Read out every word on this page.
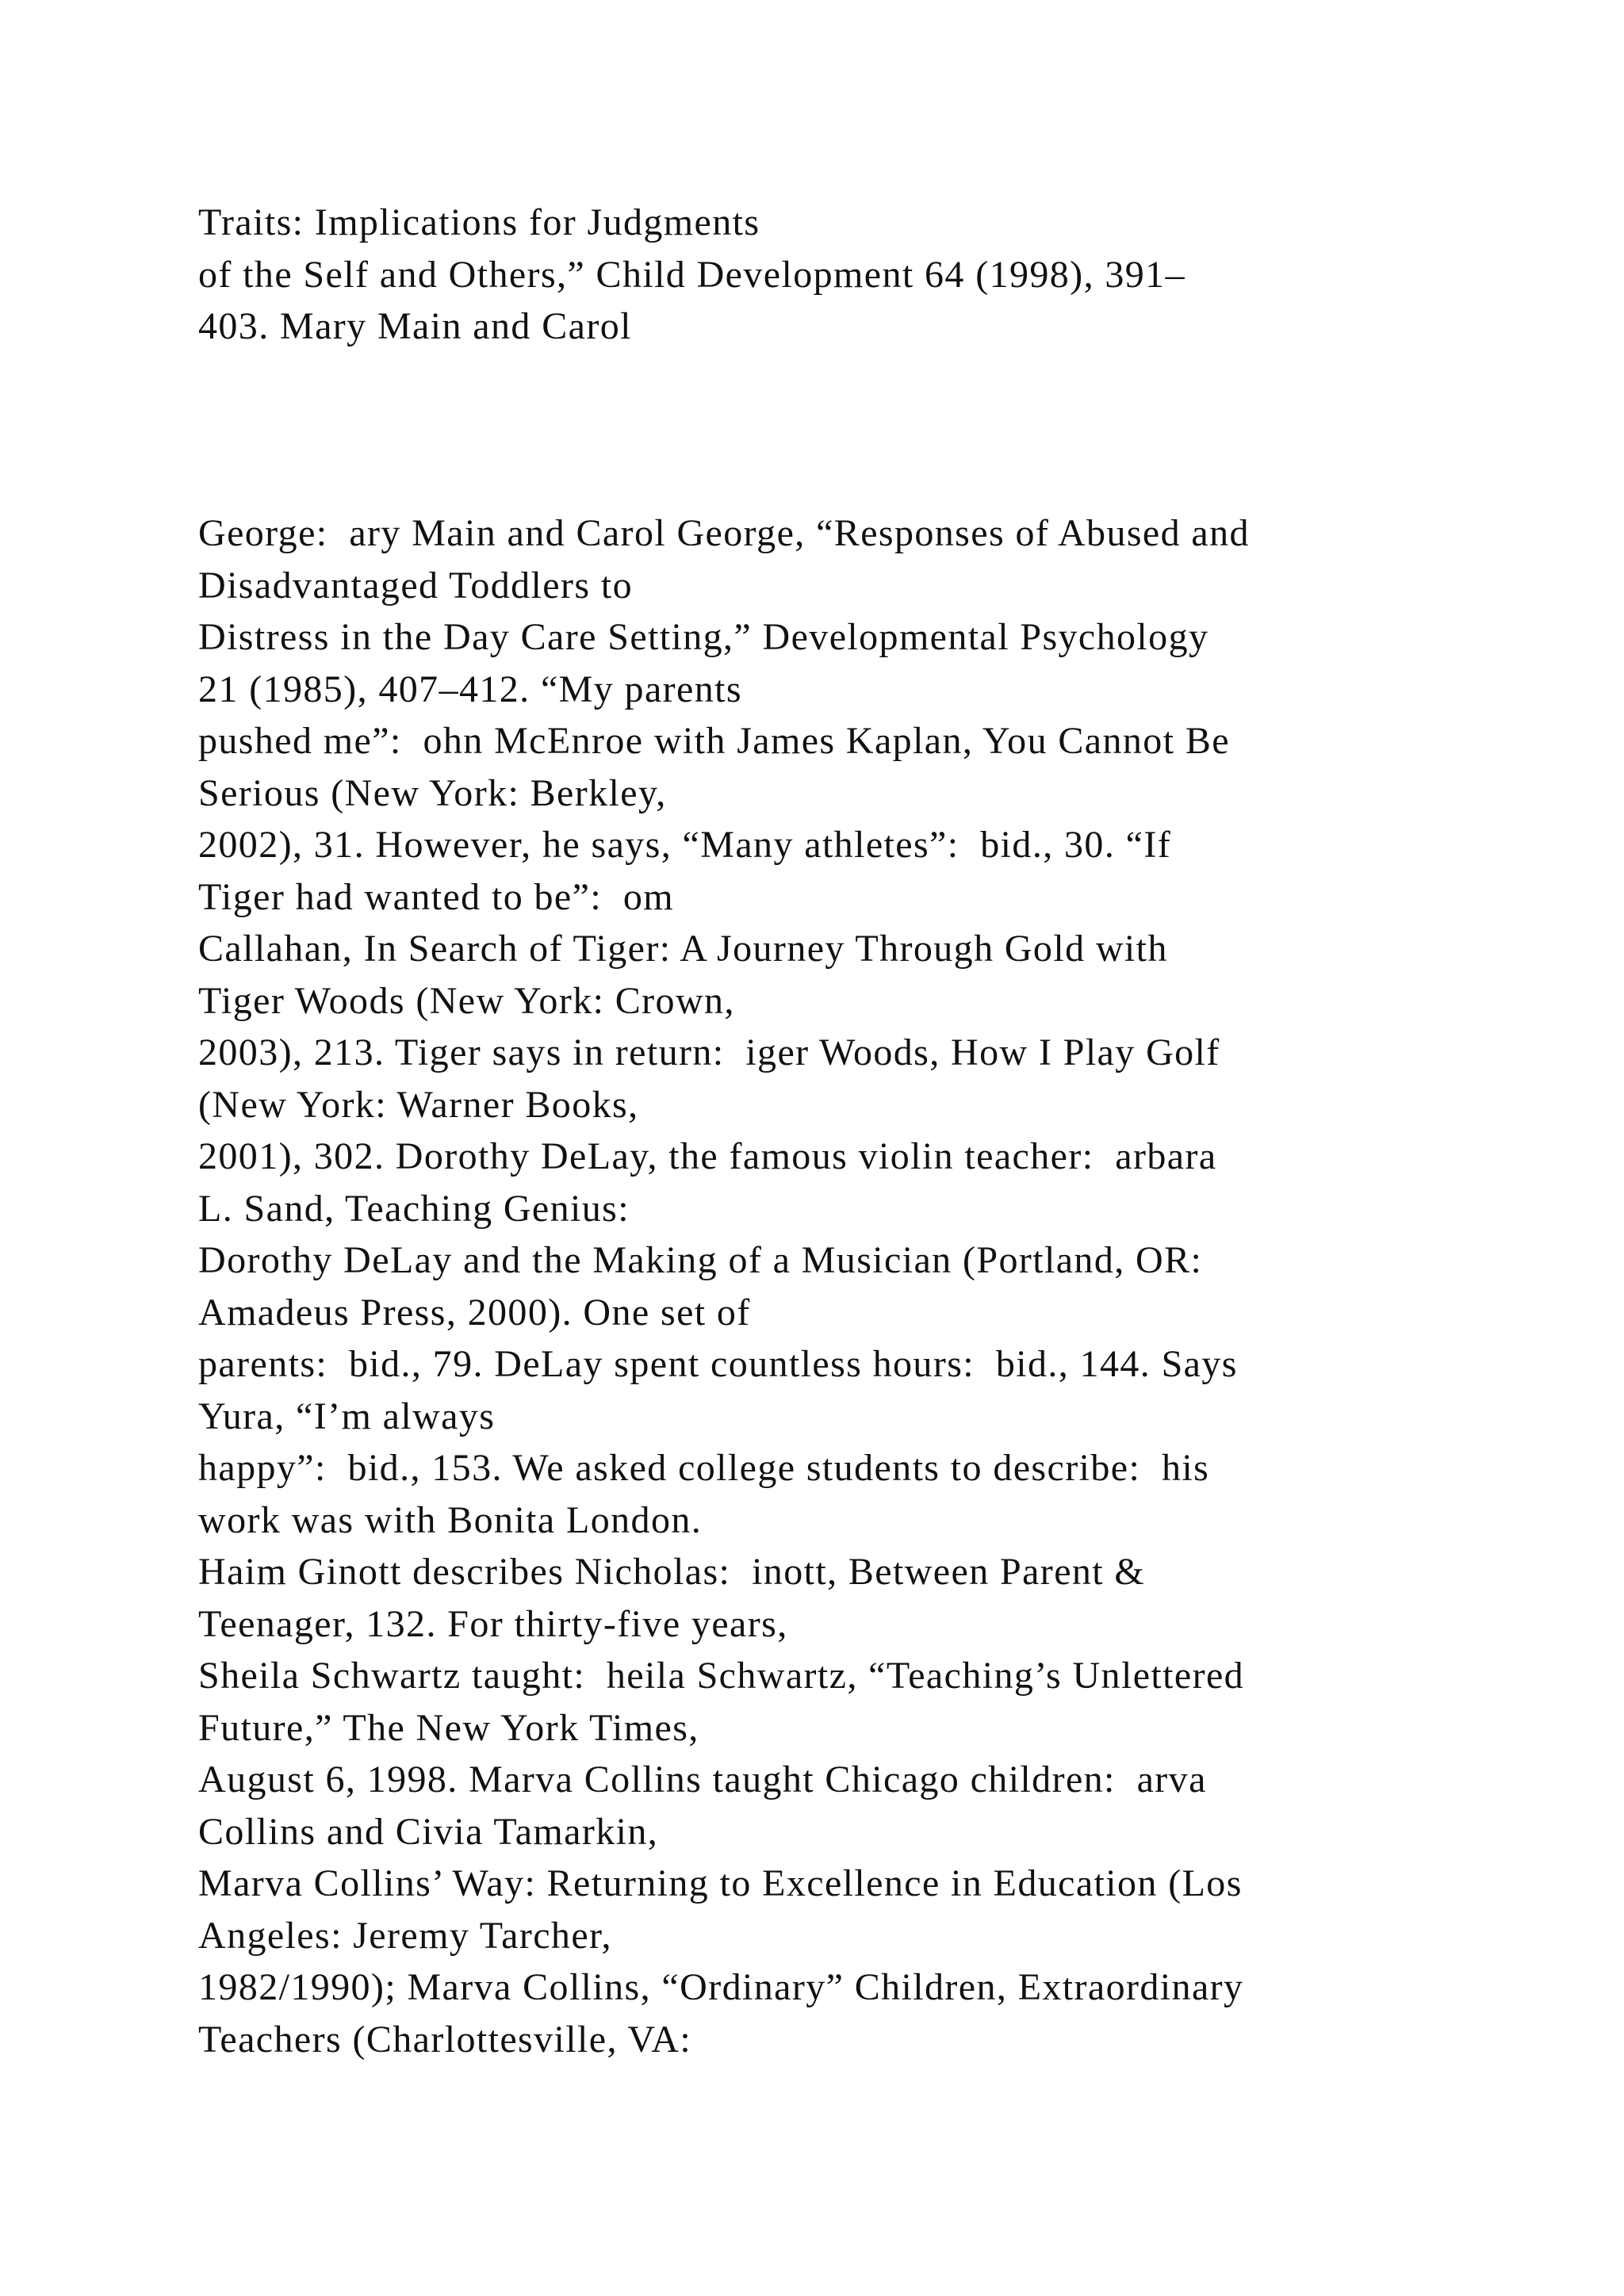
Traits: Implications for Judgments
of the Self and Others,” Child Development 64 (1998), 391–
403. Mary Main and Carol
George:  ary Main and Carol George, “Responses of Abused and
Disadvantaged Toddlers to
Distress in the Day Care Setting,” Developmental Psychology
21 (1985), 407–412. “My parents
pushed me”:  ohn McEnroe with James Kaplan, You Cannot Be
Serious (New York: Berkley,
2002), 31. However, he says, “Many athletes”:  bid., 30. “If
Tiger had wanted to be”:  om
Callahan, In Search of Tiger: A Journey Through Gold with
Tiger Woods (New York: Crown,
2003), 213. Tiger says in return:  iger Woods, How I Play Golf
(New York: Warner Books,
2001), 302. Dorothy DeLay, the famous violin teacher:  arbara
L. Sand, Teaching Genius:
Dorothy DeLay and the Making of a Musician (Portland, OR:
Amadeus Press, 2000). One set of
parents:  bid., 79. DeLay spent countless hours:  bid., 144. Says
Yura, “I’m always
happy”:  bid., 153. We asked college students to describe:  his
work was with Bonita London.
Haim Ginott describes Nicholas:  inott, Between Parent &
Teenager, 132. For thirty-five years,
Sheila Schwartz taught:  heila Schwartz, “Teaching’s Unlettered
Future,” The New York Times,
August 6, 1998. Marva Collins taught Chicago children:  arva
Collins and Civia Tamarkin,
Marva Collins’ Way: Returning to Excellence in Education (Los
Angeles: Jeremy Tarcher,
1982/1990); Marva Collins, “Ordinary” Children, Extraordinary
Teachers (Charlottesville, VA:
